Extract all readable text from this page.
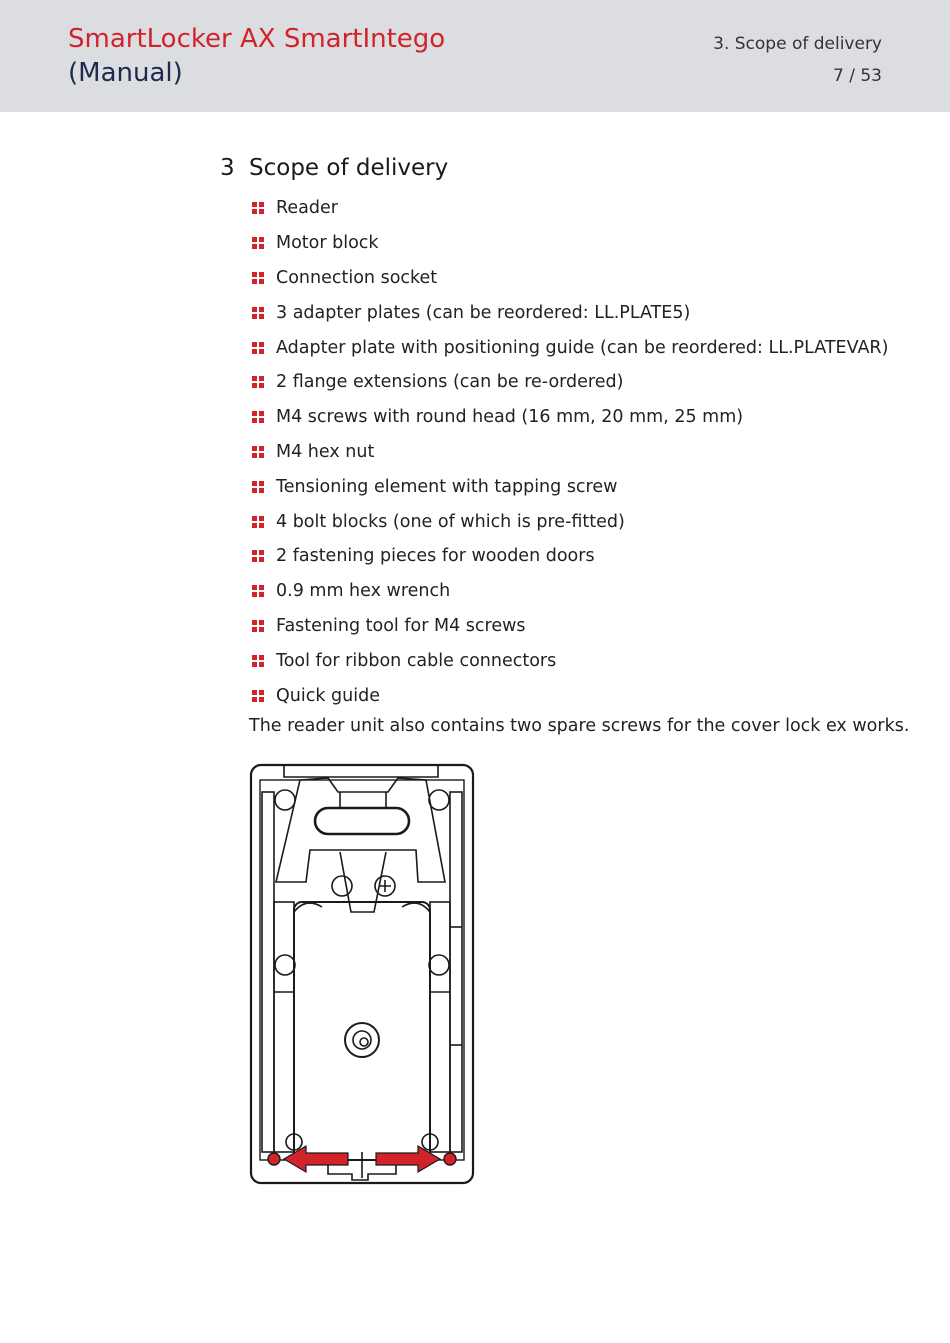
SmartLocker AX SmartIntego
(Manual)
3. Scope of delivery
7 / 53
3 Scope of delivery
Reader
Motor block
Connection socket
3 adapter plates (can be reordered: LL.PLATE5)
Adapter plate with positioning guide (can be reordered: LL.PLATEVAR)
2 flange extensions (can be re-ordered)
M4 screws with round head (16 mm, 20 mm, 25 mm)
M4 hex nut
Tensioning element with tapping screw
4 bolt blocks (one of which is pre-fitted)
2 fastening pieces for wooden doors
0.9 mm hex wrench
Fastening tool for M4 screws
Tool for ribbon cable connectors
Quick guide
The reader unit also contains two spare screws for the cover lock ex works.
